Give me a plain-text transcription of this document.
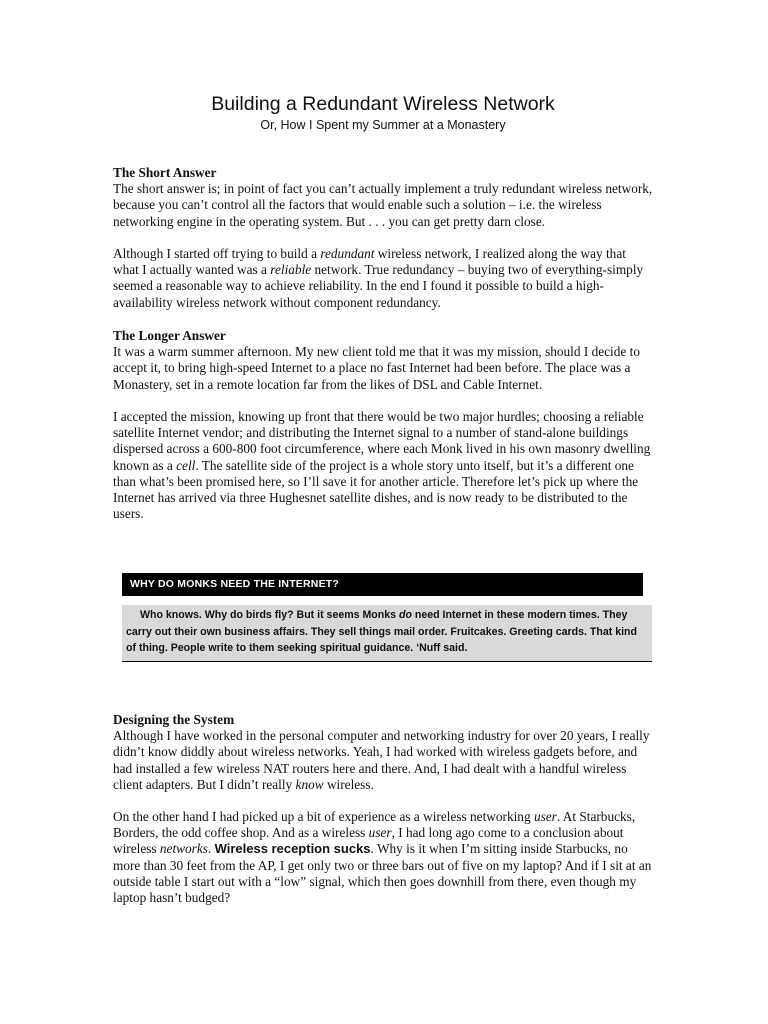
Building a Redundant Wireless Network
Or, How I Spent my Summer at a Monastery
The Short Answer

The short answer is; in point of fact you can’t actually implement a truly redundant wireless network, because you can’t control all the factors that would enable such a solution – i.e. the wireless networking engine in the operating system. But . . . you can get pretty darn close.

Although I started off trying to build a redundant wireless network, I realized along the way that what I actually wanted was a reliable network. True redundancy – buying two of everything-simply seemed a reasonable way to achieve reliability. In the end I found it possible to build a high-availability wireless network without component redundancy.

The Longer Answer

It was a warm summer afternoon. My new client told me that it was my mission, should I decide to accept it, to bring high-speed Internet to a place no fast Internet had been before. The place was a Monastery, set in a remote location far from the likes of DSL and Cable Internet.

I accepted the mission, knowing up front that there would be two major hurdles; choosing a reliable satellite Internet vendor; and distributing the Internet signal to a number of stand-alone buildings dispersed across a 600-800 foot circumference, where each Monk lived in his own masonry dwelling known as a cell. The satellite side of the project is a whole story unto itself, but it’s a different one than what’s been promised here, so I’ll save it for another article. Therefore let’s pick up where the Internet has arrived via three Hughesnet satellite dishes, and is now ready to be distributed to the users.

Designing the System

Although I have worked in the personal computer and networking industry for over 20 years, I really didn’t know diddly about wireless networks. Yeah, I had worked with wireless gadgets before, and had installed a few wireless NAT routers here and there. And, I had dealt with a handful wireless client adapters. But I didn’t really know wireless.

On the other hand I had picked up a bit of experience as a wireless networking user. At Starbucks, Borders, the odd coffee shop. And as a wireless user, I had long ago come to a conclusion about wireless networks. Wireless reception sucks. Why is it when I’m sitting inside Starbucks, no more than 30 feet from the AP, I get only two or three bars out of five on my laptop? And if I sit at an outside table I start out with a “low” signal, which then goes downhill from there, even though my laptop hasn’t budged?

WHY DO MONKS NEED THE INTERNET?
Who knows. Why do birds fly? But it seems Monks do need Internet in these modern times. They carry out their own business affairs. They sell things mail order. Fruitcakes. Greeting cards. That kind of thing. People write to them seeking spiritual guidance. ‘Nuff said.
